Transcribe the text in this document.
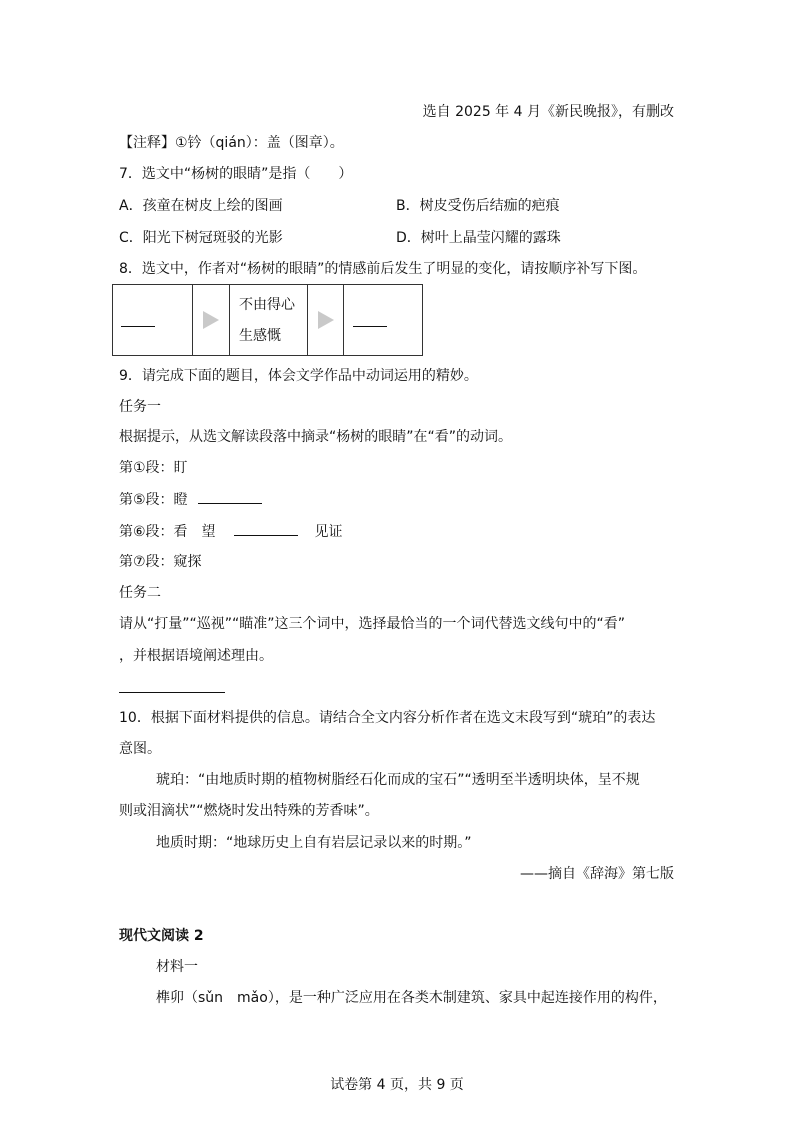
选自 2025 年 4 月《新民晚报》，有删改
【注释】①钤（qián）：盖（图章）。
7．选文中“杨树的眼睛”是指（　　）
A．孩童在树皮上绘的图画	B．树皮受伤后结痂的疤痕
C．阳光下树冠斑驳的光影	D．树叶上晶莹闪耀的露珠
8．选文中，作者对“杨树的眼睛”的情感前后发生了明显的变化，请按顺序补写下图。
不由得心
生感慨
9．请完成下面的题目，体会文学作品中动词运用的精妙。
任务一
根据提示，从选文解读段落中摘录“杨树的眼睛”在“看”的动词。
第①段：盯
第⑤段：瞪
第⑥段：看　望	见证
第⑦段：窥探
任务二
请从“打量”“巡视”“瞄准”这三个词中，选择最恰当的一个词代替选文线句中的“看”
，并根据语境阐述理由。
10．根据下面材料提供的信息。请结合全文内容分析作者在选文末段写到“琥珀”的表达
意图。
琥珀：“由地质时期的植物树脂经石化而成的宝石”“透明至半透明块体，呈不规
则或泪滴状”“燃烧时发出特殊的芳香味”。
地质时期：“地球历史上自有岩层记录以来的时期。”
——摘自《辞海》第七版
现代文阅读 2
材料一
榫卯（sǔn　mǎo），是一种广泛应用在各类木制建筑、家具中起连接作用的构件，
试卷第 4 页，共 9 页
